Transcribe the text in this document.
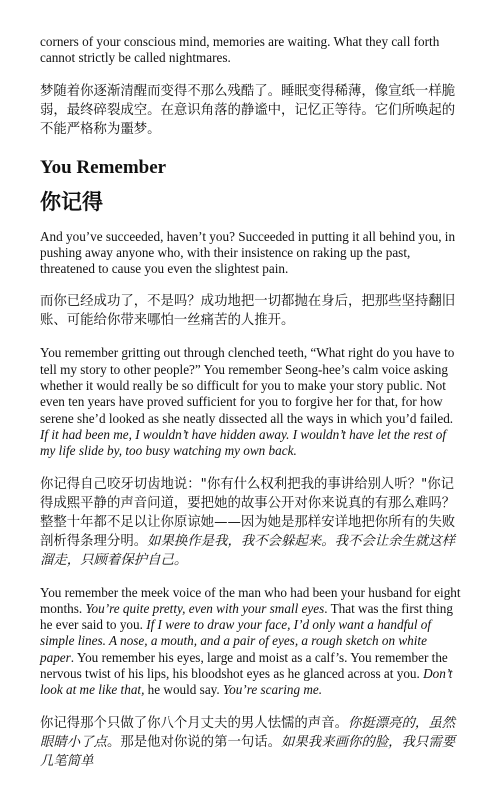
corners of your conscious mind, memories are waiting. What they call forth cannot strictly be called nightmares.

梦随着你逐渐清醒而变得不那么残酷了。睡眠变得稀薄，像宣纸一样脆弱，最终碎裂成空。在意识角落的静谧中，记忆正等待。它们所唤起的不能严格称为噩梦。

You Remember
你记得

And you’ve succeeded, haven’t you? Succeeded in putting it all behind you, in pushing away anyone who, with their insistence on raking up the past, threatened to cause you even the slightest pain.

而你已经成功了，不是吗？成功地把一切都抛在身后，把那些坚持翻旧账、可能给你带来哪怕一丝痛苦的人推开。

You remember gritting out through clenched teeth, “What right do you have to tell my story to other people?” You remember Seong-hee’s calm voice asking whether it would really be so difficult for you to make your story public. Not even ten years have proved sufficient for you to forgive her for that, for how serene she’d looked as she neatly dissected all the ways in which you’d failed. If it had been me, I wouldn’t have hidden away. I wouldn’t have let the rest of my life slide by, too busy watching my own back.

你记得自己咬牙切齿地说："你有什么权利把我的事讲给别人听？"你记得成熙平静的声音问道，要把她的故事公开对你来说真的有那么难吗？整整十年都不足以让你原谅她——因为她是那样安详地把你所有的失败剖析得条理分明。如果换作是我，我不会躲起来。我不会让余生就这样溜走，只顾着保护自己。

You remember the meek voice of the man who had been your husband for eight months. You’re quite pretty, even with your small eyes. That was the first thing he ever said to you. If I were to draw your face, I’d only want a handful of simple lines. A nose, a mouth, and a pair of eyes, a rough sketch on white paper. You remember his eyes, large and moist as a calf’s. You remember the nervous twist of his lips, his bloodshot eyes as he glanced across at you. Don’t look at me like that, he would say. You’re scaring me.

你记得那个只做了你八个月丈夫的男人怯懦的声音。你挺漂亮的，虽然眼睛小了点。那是他对你说的第一句话。如果我来画你的脸，我只需要几笔简单
